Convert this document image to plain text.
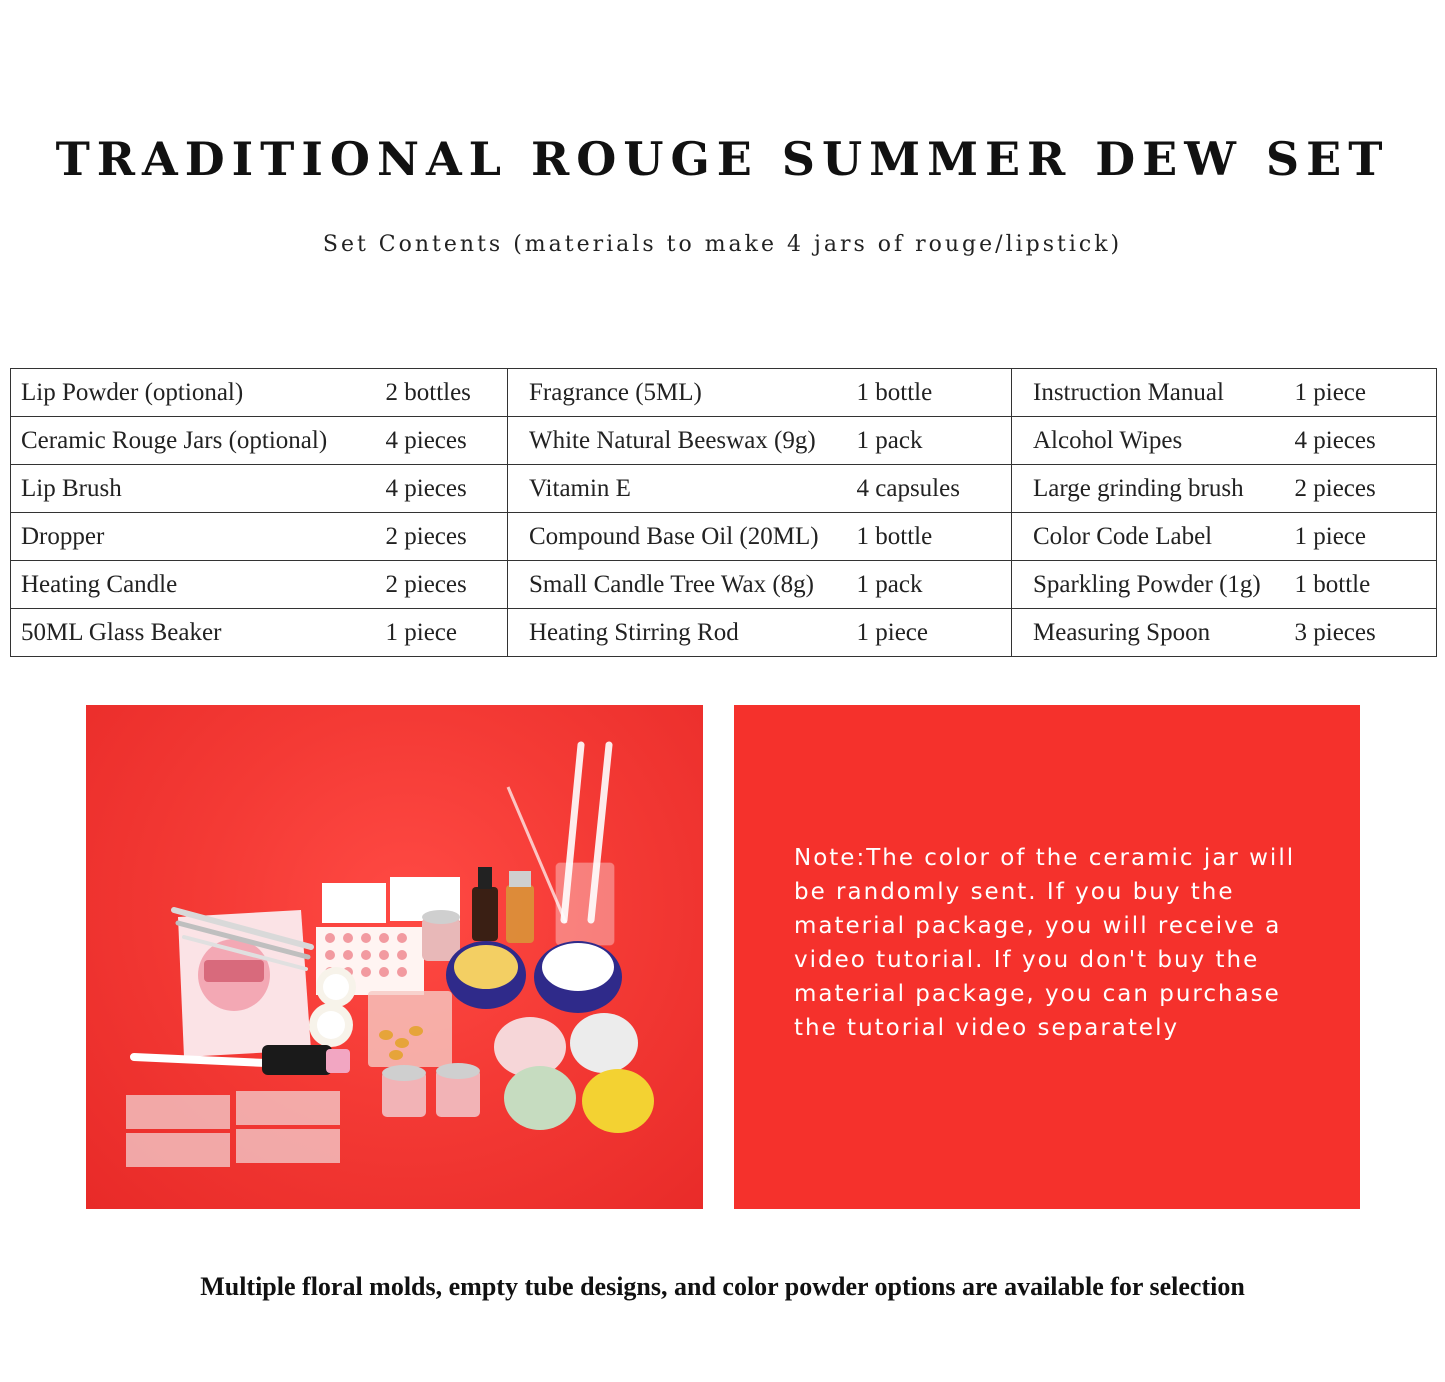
TRADITIONAL ROUGE SUMMER DEW SET
Set Contents (materials to make 4 jars of rouge/lipstick)
Lip Powder (optional)	2 bottles	Fragrance (5ML)	1 bottle	Instruction Manual	1 piece
Ceramic Rouge Jars (optional)	4 pieces	White Natural Beeswax (9g)	1 pack	Alcohol Wipes	4 pieces
Lip Brush	4 pieces	Vitamin E	4 capsules	Large grinding brush	2 pieces
Dropper	2 pieces	Compound Base Oil (20ML)	1 bottle	Color Code Label	1 piece
Heating Candle	2 pieces	Small Candle Tree Wax (8g)	1 pack	Sparkling Powder (1g)	1 bottle
50ML Glass Beaker	1 piece	Heating Stirring Rod	1 piece	Measuring Spoon	3 pieces
Note:The color of the ceramic jar will be randomly sent. If you buy the material package, you will receive a video tutorial. If you don't buy the material package, you can purchase the tutorial video separately
Multiple floral molds, empty tube designs, and color powder options are available for selection
